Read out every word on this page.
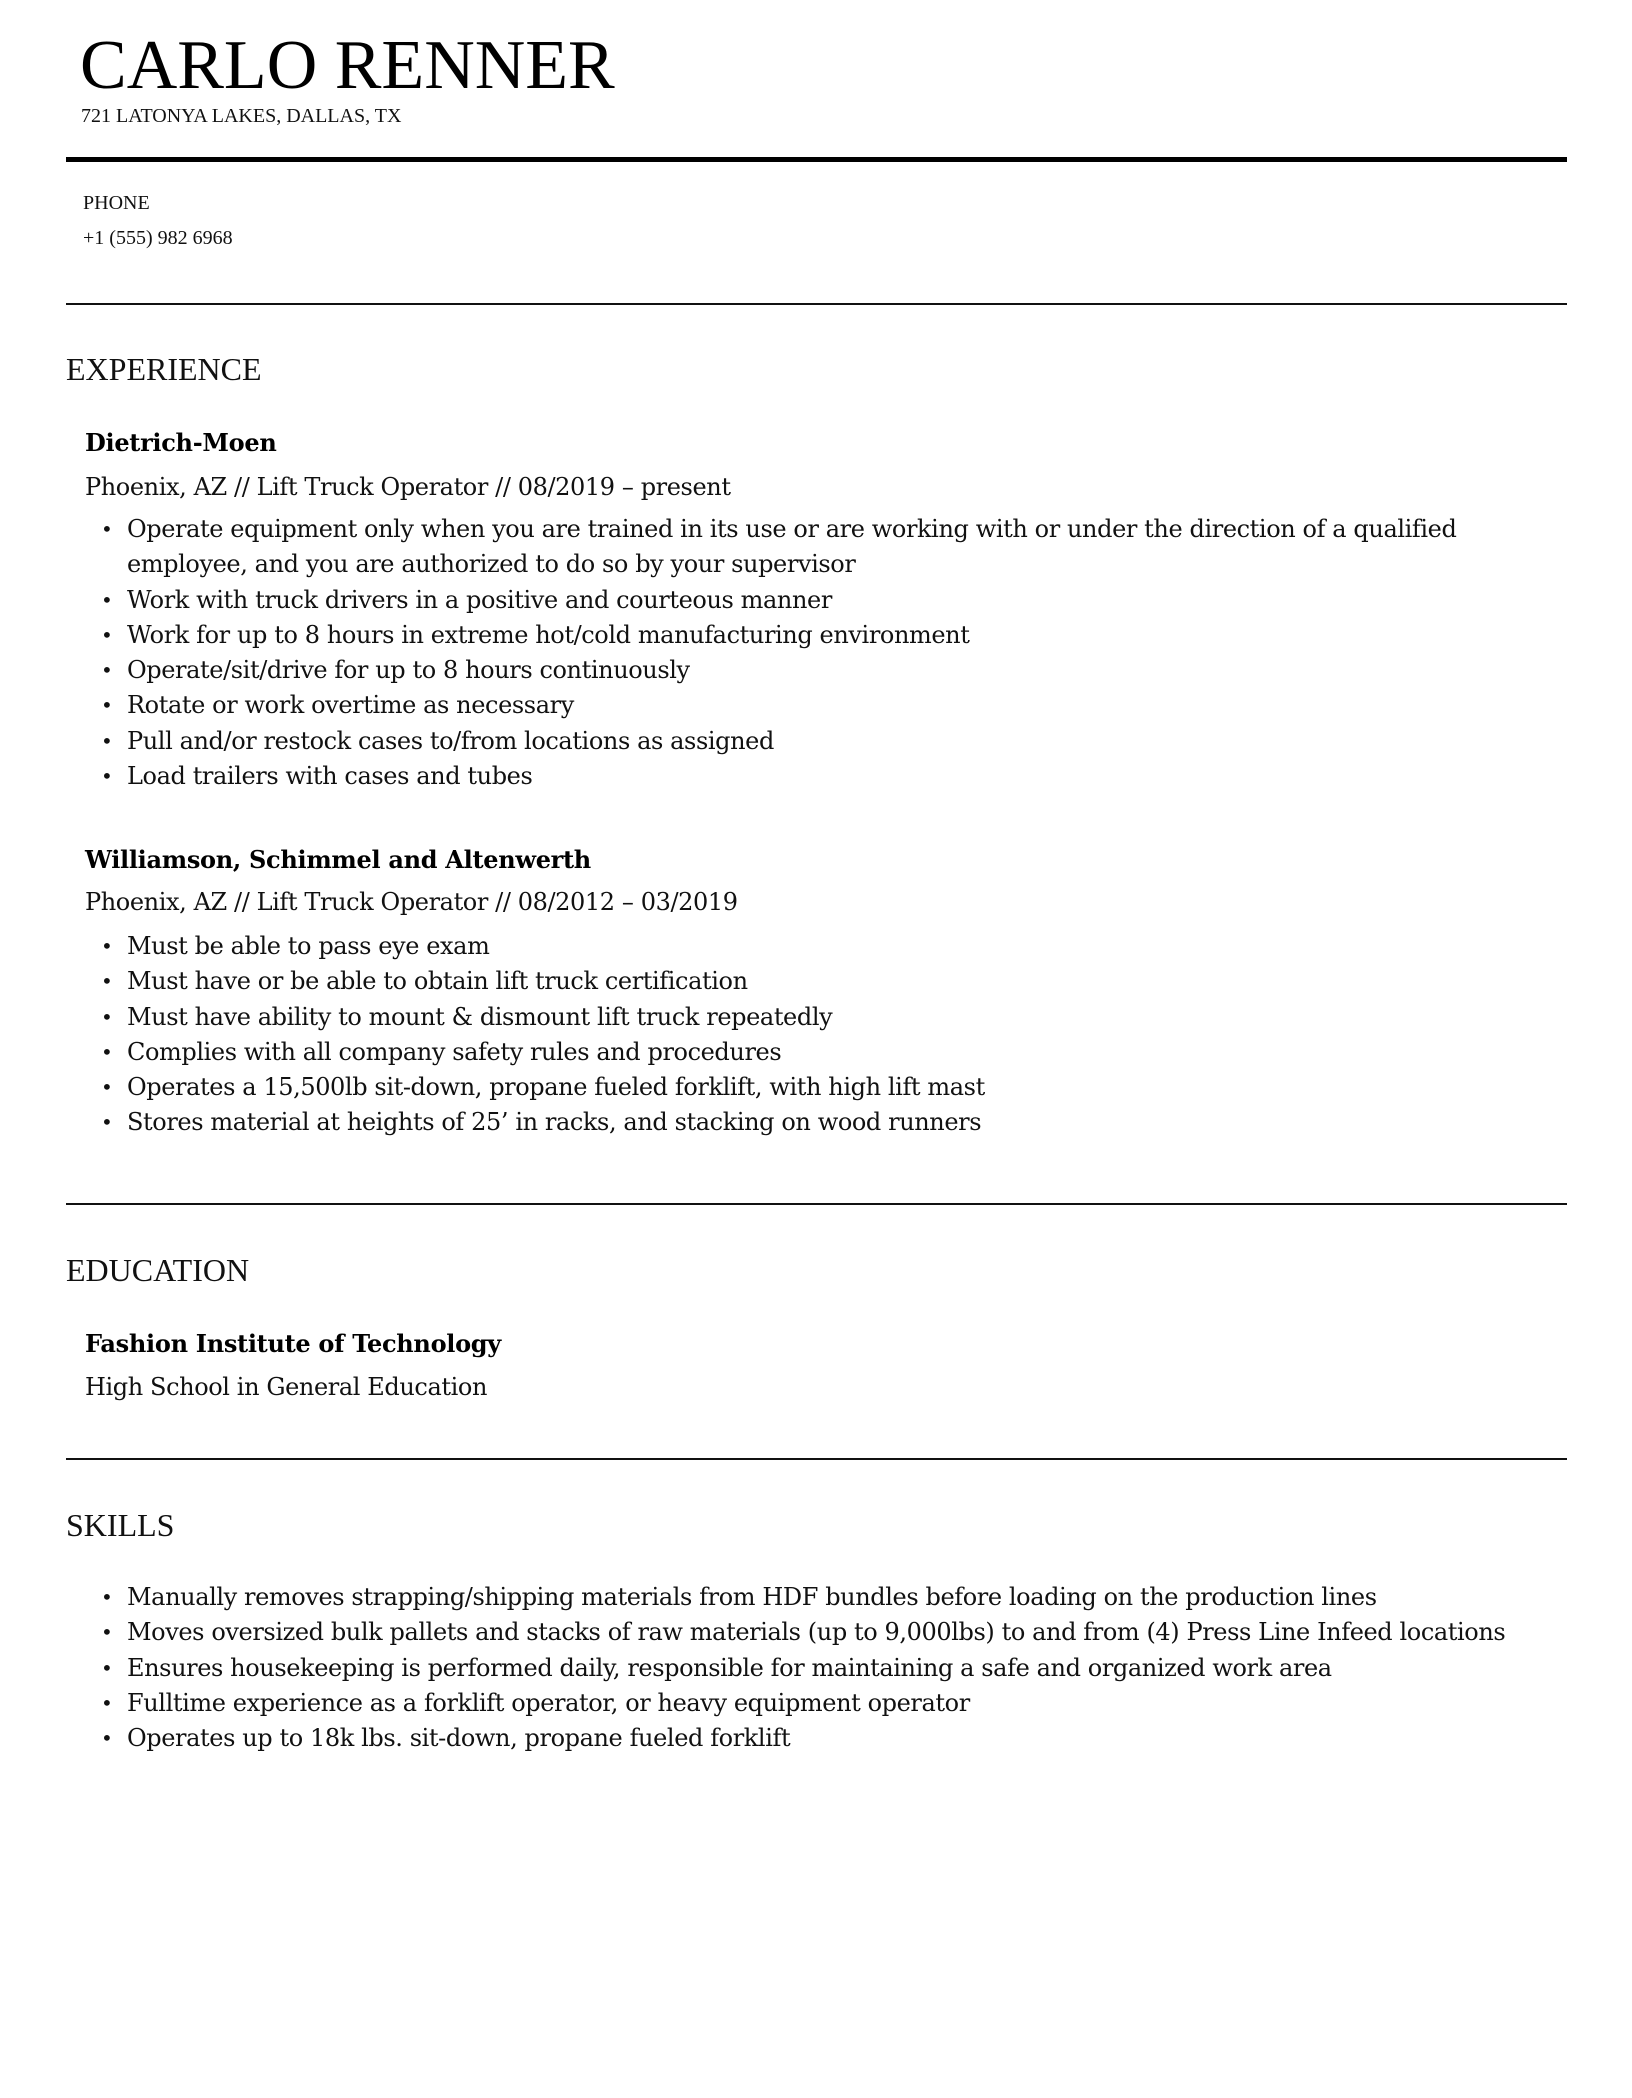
CARLO RENNER
721 LATONYA LAKES, DALLAS, TX
PHONE
+1 (555) 982 6968
EXPERIENCE
Dietrich-Moen
Phoenix, AZ // Lift Truck Operator // 08/2019 – present
• Operate equipment only when you are trained in its use or are working with or under the direction of a qualified employee, and you are authorized to do so by your supervisor
• Work with truck drivers in a positive and courteous manner
• Work for up to 8 hours in extreme hot/cold manufacturing environment
• Operate/sit/drive for up to 8 hours continuously
• Rotate or work overtime as necessary
• Pull and/or restock cases to/from locations as assigned
• Load trailers with cases and tubes
Williamson, Schimmel and Altenwerth
Phoenix, AZ // Lift Truck Operator // 08/2012 – 03/2019
• Must be able to pass eye exam
• Must have or be able to obtain lift truck certification
• Must have ability to mount & dismount lift truck repeatedly
• Complies with all company safety rules and procedures
• Operates a 15,500lb sit-down, propane fueled forklift, with high lift mast
• Stores material at heights of 25’ in racks, and stacking on wood runners
EDUCATION
Fashion Institute of Technology
High School in General Education
SKILLS
• Manually removes strapping/shipping materials from HDF bundles before loading on the production lines
• Moves oversized bulk pallets and stacks of raw materials (up to 9,000lbs) to and from (4) Press Line Infeed locations
• Ensures housekeeping is performed daily, responsible for maintaining a safe and organized work area
• Fulltime experience as a forklift operator, or heavy equipment operator
• Operates up to 18k lbs. sit-down, propane fueled forklift
